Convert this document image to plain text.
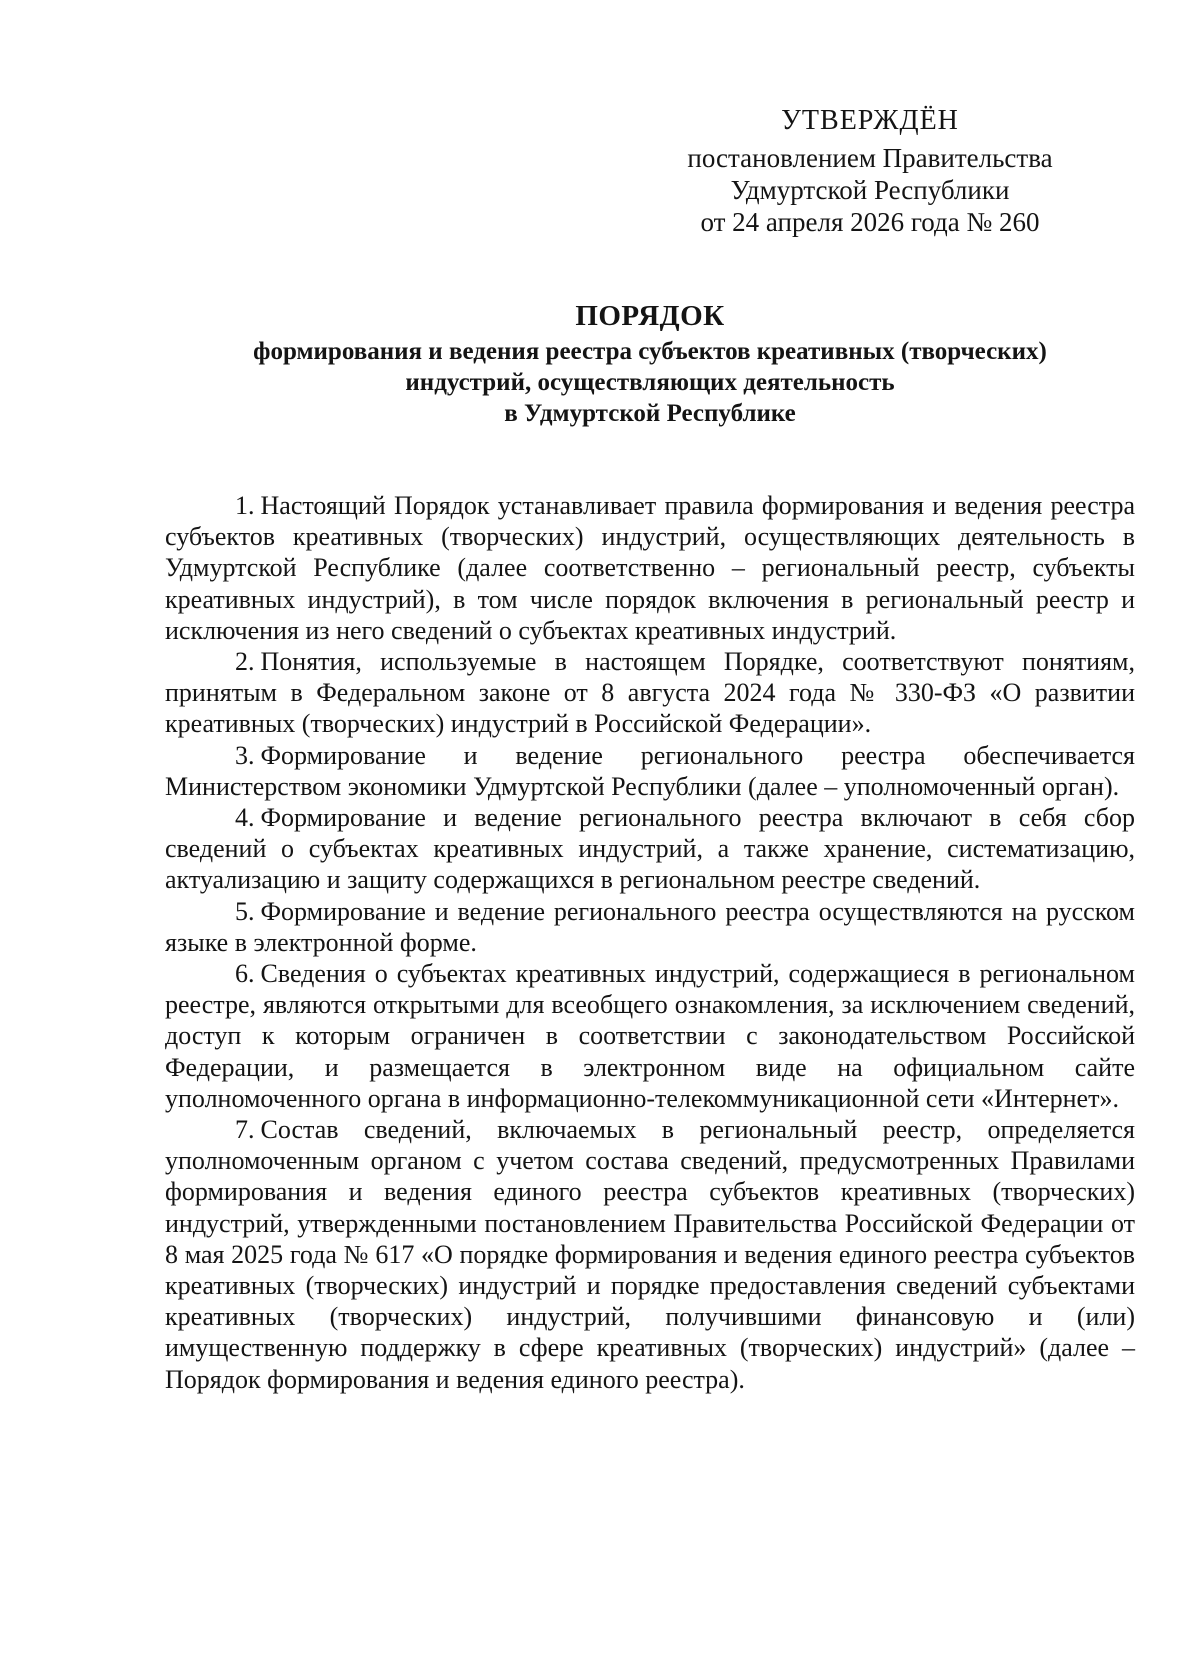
УТВЕРЖДЁН
постановлением Правительства
Удмуртской Республики
от 24 апреля 2026 года № 260
ПОРЯДОК
формирования и ведения реестра субъектов креативных (творческих)
индустрий, осуществляющих деятельность
в Удмуртской Республике

1. Настоящий Порядок устанавливает правила формирования и ведения реестра субъектов креативных (творческих) индустрий, осуществляющих деятельность в Удмуртской Республике (далее соответственно – региональный реестр, субъекты креативных индустрий), в том числе порядок включения в региональный реестр и исключения из него сведений о субъектах креативных индустрий.

2. Понятия, используемые в настоящем Порядке, соответствуют понятиям, принятым в Федеральном законе от 8 августа 2024 года № 330-ФЗ «О развитии креативных (творческих) индустрий в Российской Федерации».

3. Формирование и ведение регионального реестра обеспечивается Министерством экономики Удмуртской Республики (далее – уполномоченный орган).

4. Формирование и ведение регионального реестра включают в себя сбор сведений о субъектах креативных индустрий, а также хранение, систематизацию, актуализацию и защиту содержащихся в региональном реестре сведений.

5. Формирование и ведение регионального реестра осуществляются на русском языке в электронной форме.

6. Сведения о субъектах креативных индустрий, содержащиеся в региональном реестре, являются открытыми для всеобщего ознакомления, за исключением сведений, доступ к которым ограничен в соответствии с законодательством Российской Федерации, и размещается в электронном виде на официальном сайте уполномоченного органа в информационно-телекоммуникационной сети «Интернет».

7. Состав сведений, включаемых в региональный реестр, определяется уполномоченным органом с учетом состава сведений, предусмотренных Правилами формирования и ведения единого реестра субъектов креативных (творческих) индустрий, утвержденными постановлением Правительства Российской Федерации от 8 мая 2025 года № 617 «О порядке формирования и ведения единого реестра субъектов креативных (творческих) индустрий и порядке предоставления сведений субъектами креативных (творческих) индустрий, получившими финансовую и (или) имущественную поддержку в сфере креативных (творческих) индустрий» (далее – Порядок формирования и ведения единого реестра).
